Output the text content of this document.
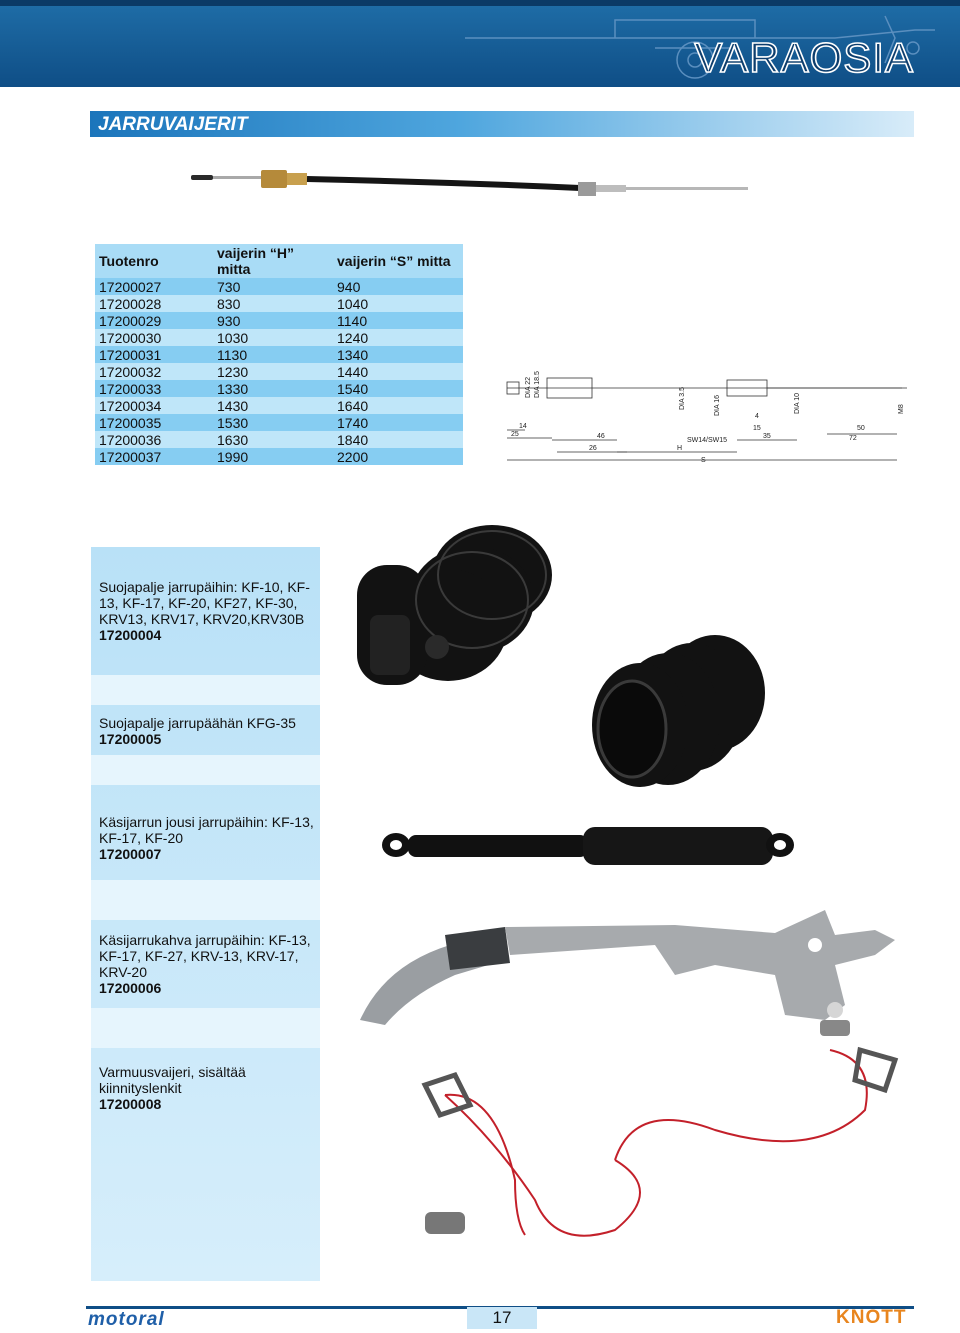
VARAOSIA
JARRUVAIJERIT
Tuotenro	vaijerin “H” mitta	vaijerin “S” mitta
17200027	730	940
17200028	830	1040
17200029	930	1140
17200030	1030	1240
17200031	1130	1340
17200032	1230	1440
17200033	1330	1540
17200034	1430	1640
17200035	1530	1740
17200036	1630	1840
17200037	1990	2200
DIA 22 DIA 18.5
DIA 3.5	DIA 16	DIA 10	M8
14
25	46
26	H
SW14/SW15
4
15
35
50
72
S
Suojapalje jarrupäihin: KF-10, KF-13, KF-17, KF-20, KF27, KF-30, KRV13, KRV17, KRV20,KRV30B
17200004
Suojapalje jarrupäähän KFG-35
17200005
Käsijarrun jousi jarrupäihin: KF-13, KF-17, KF-20
17200007
Käsijarrukahva jarrupäihin: KF-13, KF-17, KF-27, KRV-13, KRV-17, KRV-20
17200006
Varmuusvaijeri, sisältää kiinnityslenkit
17200008
motoral	17	KNOTT
